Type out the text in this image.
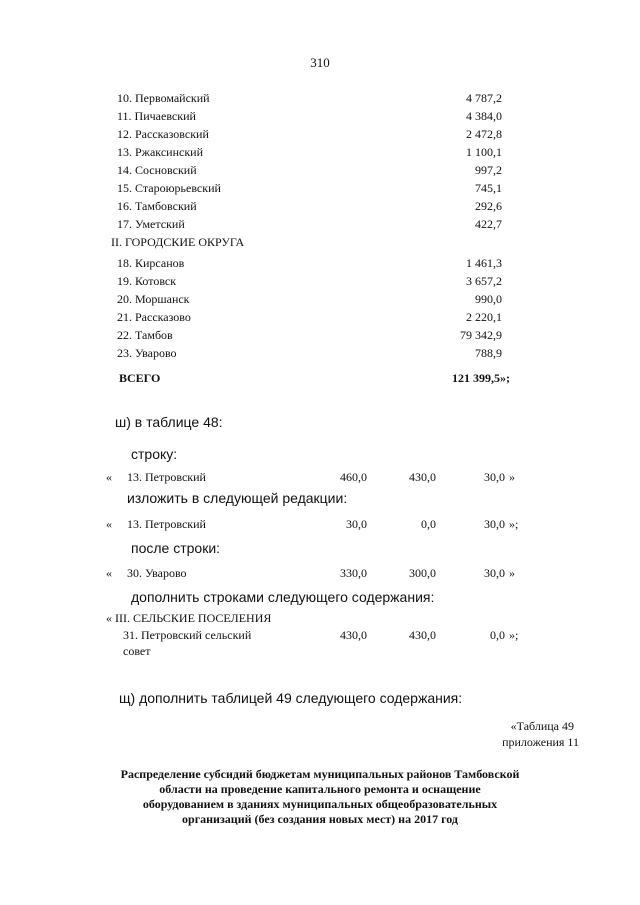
310
10. Первомайский	4 787,2
11. Пичаевский	4 384,0
12. Рассказовский	2 472,8
13. Ржаксинский	1 100,1
14. Сосновский	997,2
15. Староюрьевский	745,1
16. Тамбовский	292,6
17. Уметский	422,7
II. ГОРОДСКИЕ ОКРУГА
18. Кирсанов	1 461,3
19. Котовск	3 657,2
20. Моршанск	990,0
21. Рассказово	2 220,1
22. Тамбов	79 342,9
23. Уварово	788,9
ВСЕГО	121 399,5»;
ш) в таблице 48:
строку:
« 13. Петровский	460,0	430,0	30,0 »
изложить в следующей редакции:
« 13. Петровский	30,0	0,0	30,0 »;
после строки:
« 30. Уварово	330,0	300,0	30,0 »
дополнить строками следующего содержания:
« III. СЕЛЬСКИЕ ПОСЕЛЕНИЯ
31. Петровский сельский	430,0	430,0	0,0 »;
совет
щ) дополнить таблицей 49 следующего содержания:
«Таблица 49
приложения 11
Распределение субсидий бюджетам муниципальных районов Тамбовской
области на проведение капитального ремонта и оснащение
оборудованием в зданиях муниципальных общеобразовательных
организаций (без создания новых мест) на 2017 год
